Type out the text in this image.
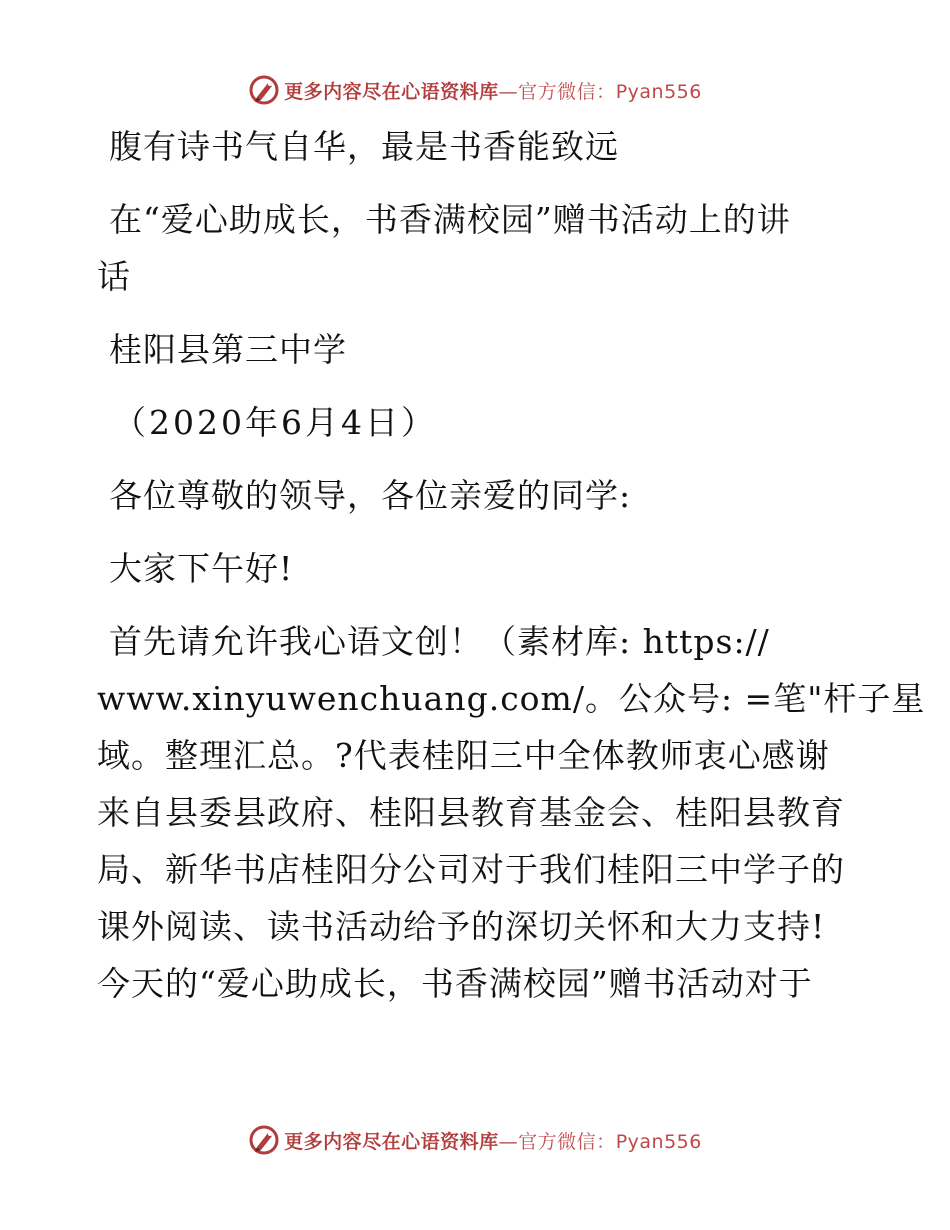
更多内容尽在心语资料库—官方微信：Pyan556
腹有诗书气自华，最是书香能致远
在“爱心助成长，书香满校园”赠书活动上的讲
话
桂阳县第三中学
（2020年6月4日）
各位尊敬的领导，各位亲爱的同学:
大家下午好!
首先请允许我心语文创！（素材库: https://
www.xinyuwenchuang.com/。公众号: =笔"杆子星
域。整理汇总。?代表桂阳三中全体教师衷心感谢
来自县委县政府、桂阳县教育基金会、桂阳县教育
局、新华书店桂阳分公司对于我们桂阳三中学子的
课外阅读、读书活动给予的深切关怀和大力支持!
今天的“爱心助成长，书香满校园”赠书活动对于
更多内容尽在心语资料库—官方微信：Pyan556
